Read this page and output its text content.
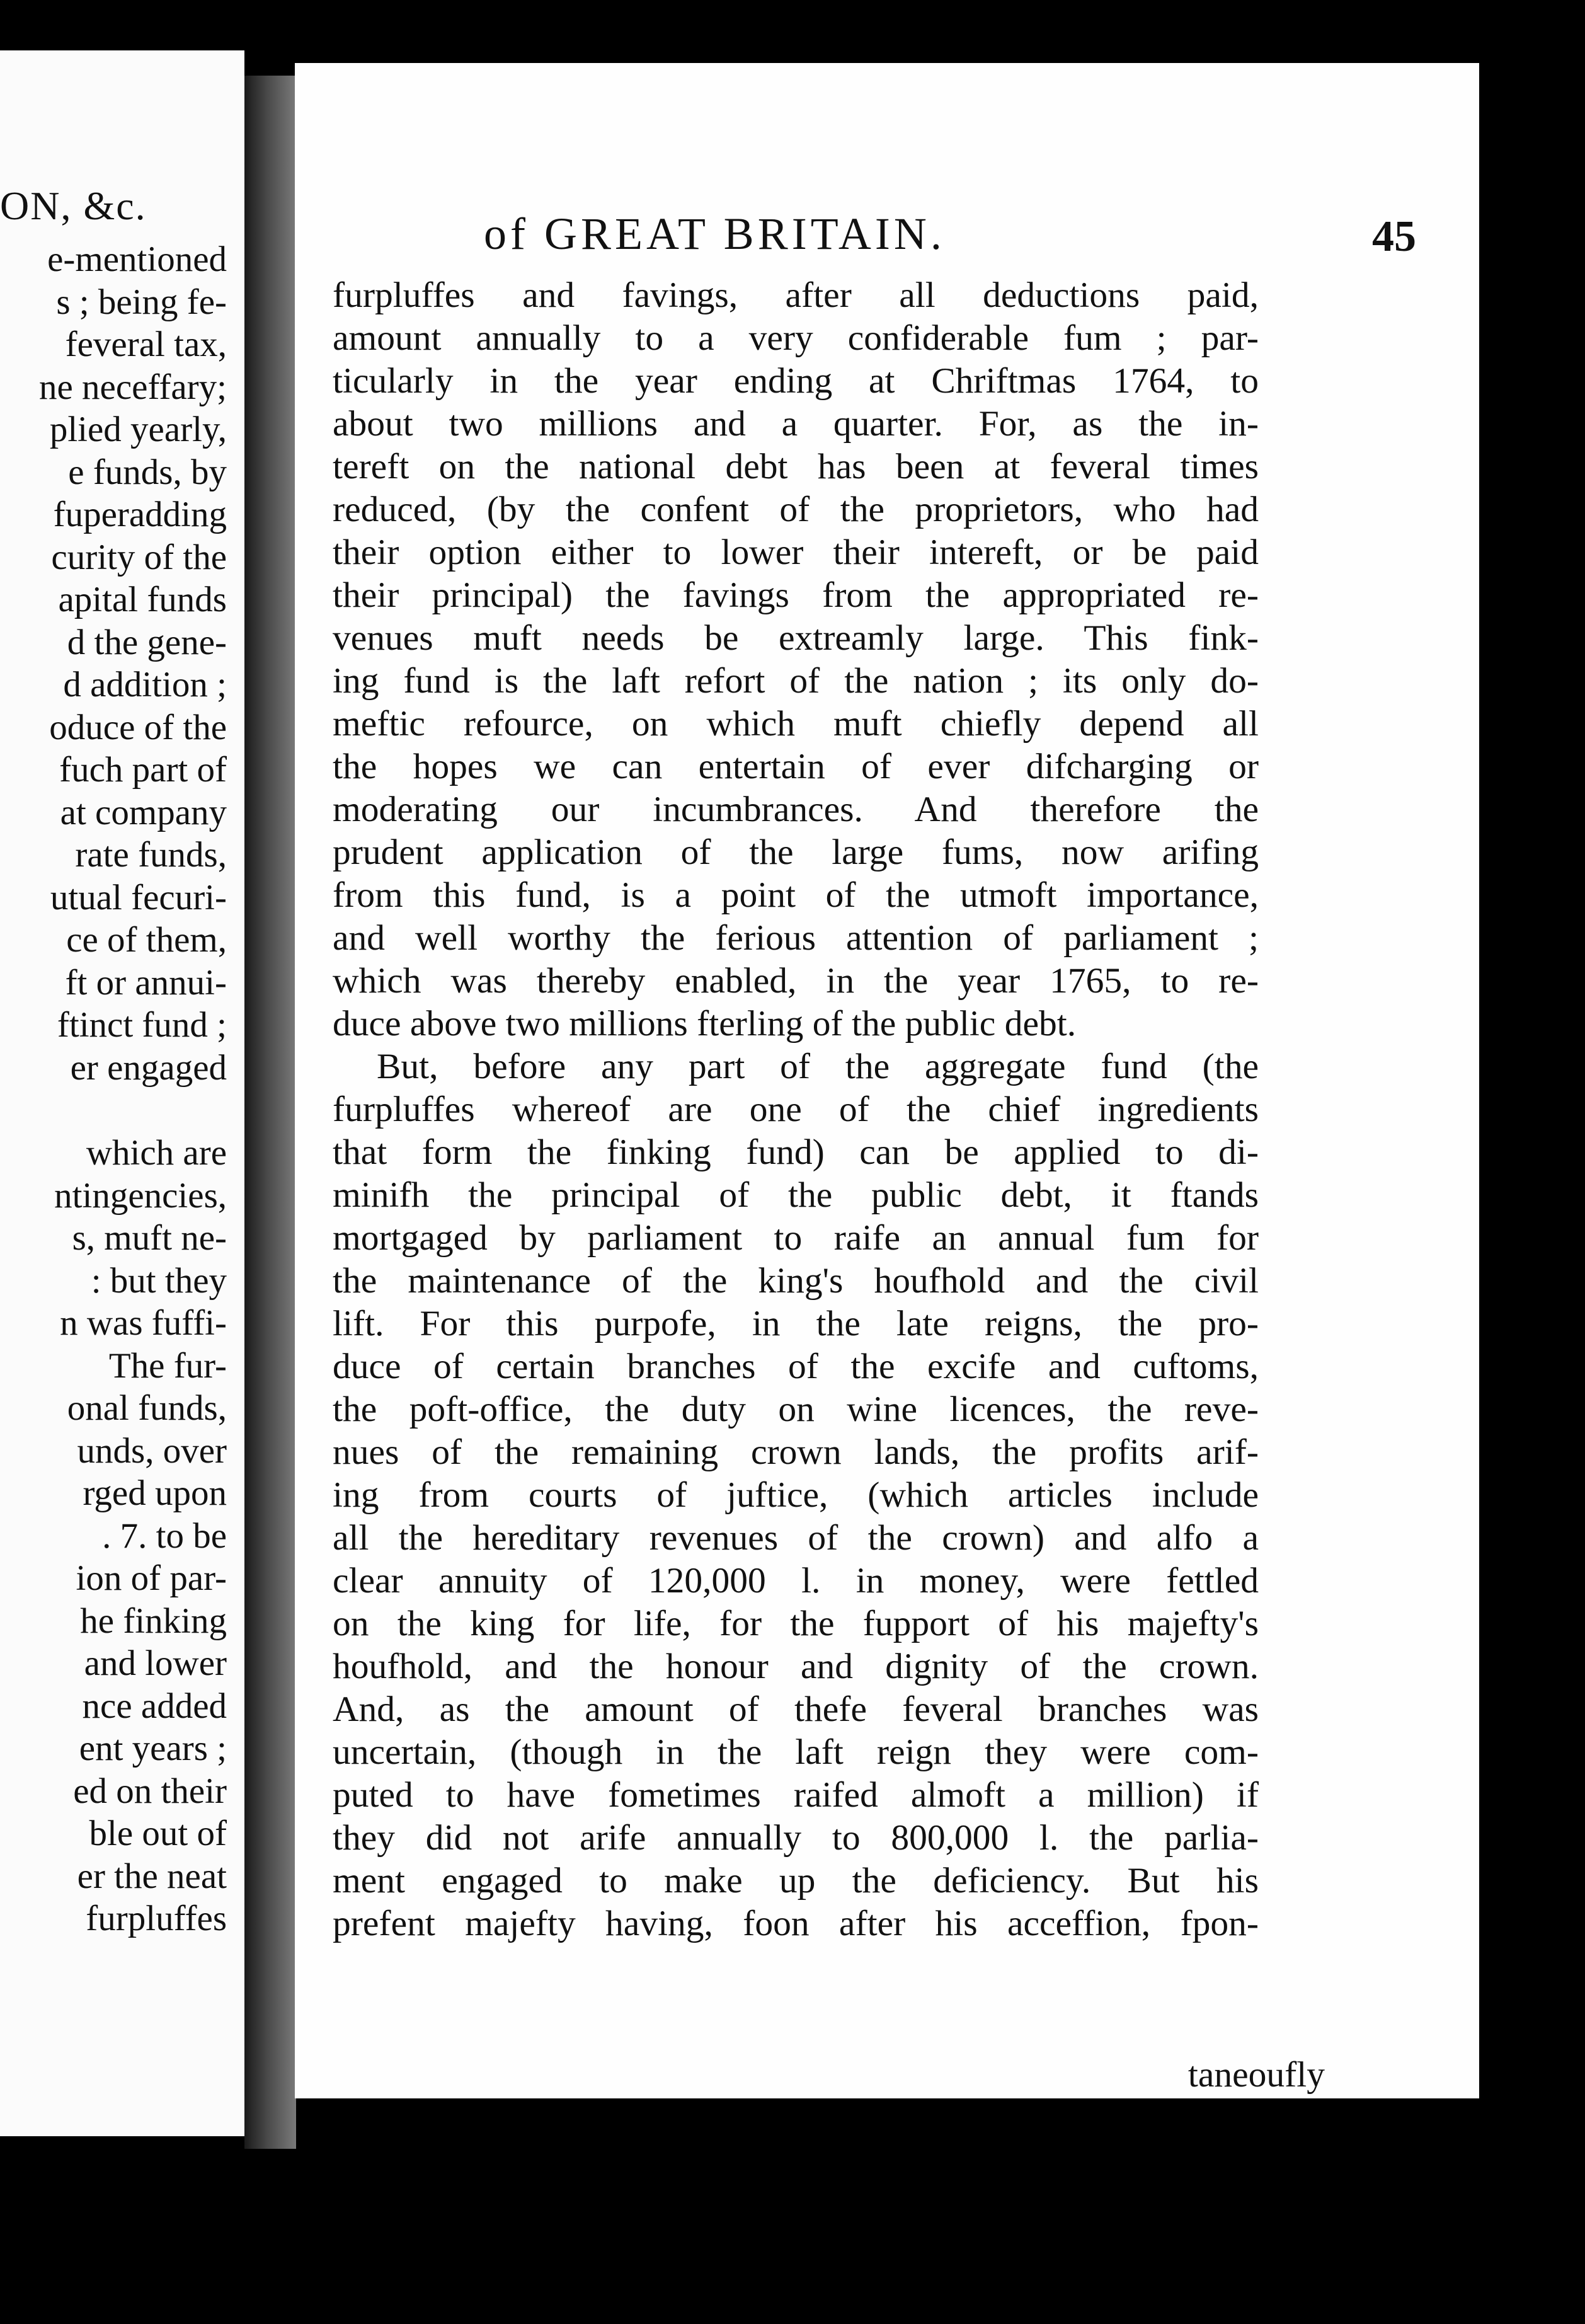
ON, &c.
e-mentioned
s ; being fe-
feveral tax,
ne neceffary;
plied yearly,
e funds, by
fuperadding
curity of the
apital funds
d the gene-
d addition ;
oduce of the
fuch part of
at company
rate funds,
utual fecuri-
ce of them,
ft or annui-
ftinct fund ;
er engaged
which are
ntingencies,
s, muft ne-
: but they
n was fuffi-
The fur-
onal funds,
unds, over
rged upon
. 7. to be
ion of par-
he finking
and lower
nce added
ent years ;
ed on their
ble out of
er the neat
furpluffes
of GREAT BRITAIN.	45
furpluffes and favings, after all deductions paid,
amount annually to a very confiderable fum ; par-
ticularly in the year ending at Chriftmas 1764, to
about two millions and a quarter. For, as the in-
tereft on the national debt has been at feveral times
reduced, (by the confent of the proprietors, who had
their option either to lower their intereft, or be paid
their principal) the favings from the appropriated re-
venues muft needs be extreamly large. This fink-
ing fund is the laft refort of the nation ; its only do-
meftic refource, on which muft chiefly depend all
the hopes we can entertain of ever difcharging or
moderating our incumbrances. And therefore the
prudent application of the large fums, now arifing
from this fund, is a point of the utmoft importance,
and well worthy the ferious attention of parliament ;
which was thereby enabled, in the year 1765, to re-
duce above two millions fterling of the public debt.
But, before any part of the aggregate fund (the
furpluffes whereof are one of the chief ingredients
that form the finking fund) can be applied to di-
minifh the principal of the public debt, it ftands
mortgaged by parliament to raife an annual fum for
the maintenance of the king's houfhold and the civil
lift. For this purpofe, in the late reigns, the pro-
duce of certain branches of the excife and cuftoms,
the poft-office, the duty on wine licences, the reve-
nues of the remaining crown lands, the profits arif-
ing from courts of juftice, (which articles include
all the hereditary revenues of the crown) and alfo a
clear annuity of 120,000 l. in money, were fettled
on the king for life, for the fupport of his majefty's
houfhold, and the honour and dignity of the crown.
And, as the amount of thefe feveral branches was
uncertain, (though in the laft reign they were com-
puted to have fometimes raifed almoft a million) if
they did not arife annually to 800,000 l. the parlia-
ment engaged to make up the deficiency. But his
prefent majefty having, foon after his acceffion, fpon-
taneoufly
